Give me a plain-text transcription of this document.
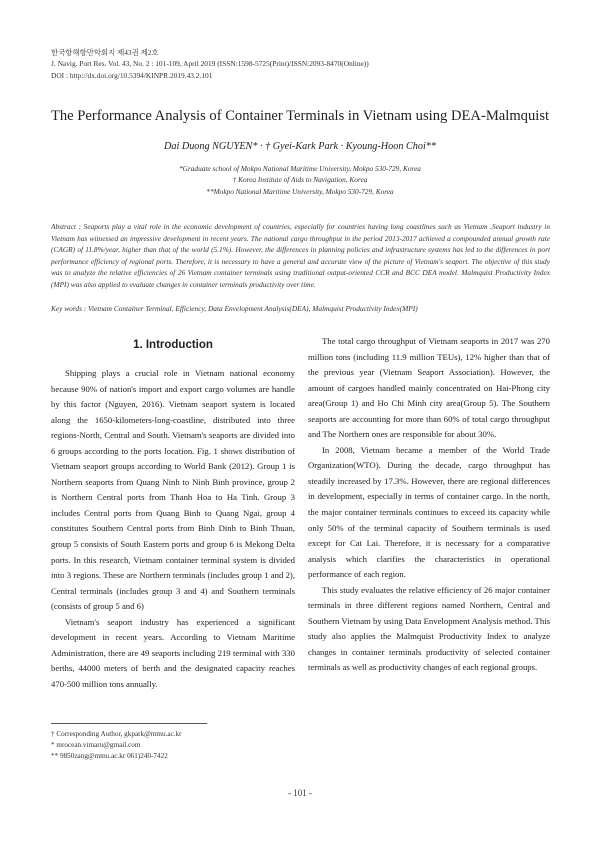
한국항해항만학회지 제43권 제2호
J. Navig. Port Res. Vol. 43, No. 2 : 101-109, April 2019 (ISSN:1598-5725(Print)/ISSN:2093-8470(Online))
DOI : http://dx.doi.org/10.5394/KINPR.2019.43.2.101
The Performance Analysis of Container Terminals in Vietnam using DEA-Malmquist
Dai Duong NGUYEN* · † Gyei-Kark Park · Kyoung-Hoon Choi**
*Graduate school of Mokpo National Maritime University, Mokpo 530-729, Korea
† Korea Institute of Aids to Navigation, Korea
**Mokpo National Maritime University, Mokpo 530-729, Korea
Abstract : Seaports play a vital role in the economic development of countries, especially for countries having long coastlines such as Vietnam .Seaport industry in Vietnam has witnessed an impressive development in recent years. The national cargo throughput in the period 2013-2017 achieved a compounded annual growth rate (CAGR) of 11.8%/year, higher than that of the world (5.1%). However, the differences in planning policies and infrastructure systems has led to the differences in port performance efficiency of regional ports. Therefore, it is necessary to have a general and accurate view of the picture of Vietnam's seaport. The objective of this study was to analyze the relative efficiencies of 26 Vietnam container terminals using traditional output-oriented CCR and BCC DEA model. Malmquist Productivity Index (MPI) was also applied to evaluate changes in container terminals productivity over time.
Key words : Vietnam Container Terminal, Efficiency, Data Envelopment Analysis(DEA), Malmquist Productivity Index(MPI)
1. Introduction

Shipping plays a crucial role in Vietnam national economy because 90% of nation's import and export cargo volumes are handle by this factor (Nguyen, 2016). Vietnam seaport system is located along the 1650-kilometers-long-coastline, distributed into three regions-North, Central and South. Vietnam's seaports are divided into 6 groups according to the ports location. Fig. 1 shows distribution of Vietnam seaport groups according to World Bank (2012). Group 1 is Northern seaports from Quang Ninh to Ninh Binh province, group 2 is Northern Central ports from Thanh Hoa to Ha Tinh. Group 3 includes Central ports from Quang Binh to Quang Ngai, group 4 constitutes Southern Central ports from Binh Dinh to Binh Thuan, group 5 consists of South Eastern ports and group 6 is Mekong Delta ports. In this research, Vietnam container terminal system is divided into 3 regions. These are Northern terminals (includes group 1 and 2), Central terminals (includes group 3 and 4) and Southern terminals (consists of group 5 and 6)

Vietnam's seaport industry has experienced a significant development in recent years. According to Vietnam Maritime Administration, there are 49 seaports including 219 terminal with 330 berths, 44000 meters of berth and the designated capacity reaches 470-500 million tons annually.

The total cargo throughput of Vietnam seaports in 2017 was 270 million tons (including 11.9 million TEUs), 12% higher than that of the previous year (Vietnam Seaport Association). However, the amount of cargoes handled mainly concentrated on Hai-Phong city area(Group 1) and Ho Chi Minh city area(Group 5). The Southern seaports are accounting for more than 60% of total cargo throughput and The Northern ones are responsible for about 30%.

In 2008, Vietnam became a member of the World Trade Organization(WTO). During the decade, cargo throughput has steadily increased by 17.3%. However, there are regional differences in development, especially in terms of container cargo. In the north, the major container terminals continues to exceed its capacity while only 50% of the terminal capacity of Southern terminals is used except for Cat Lai. Therefore, it is necessary for a comparative analysis which clarifies the characteristics in operational performance of each region.

This study evaluates the relative efficiency of 26 major container terminals in three different regions named Northern, Central and Southern Vietnam by using Data Envelopment Analysis method. This study also applies the Malmquist Productivity Index to analyze changes in container terminals productivity of selected container terminals as well as productivity changes of each regional groups.

† Corresponding Author, gkpark@mmu.ac.kr
* mrocean.vimaru@gmail.com
** 9850zang@mmu.ac.kr 061)240-7422
- 101 -
